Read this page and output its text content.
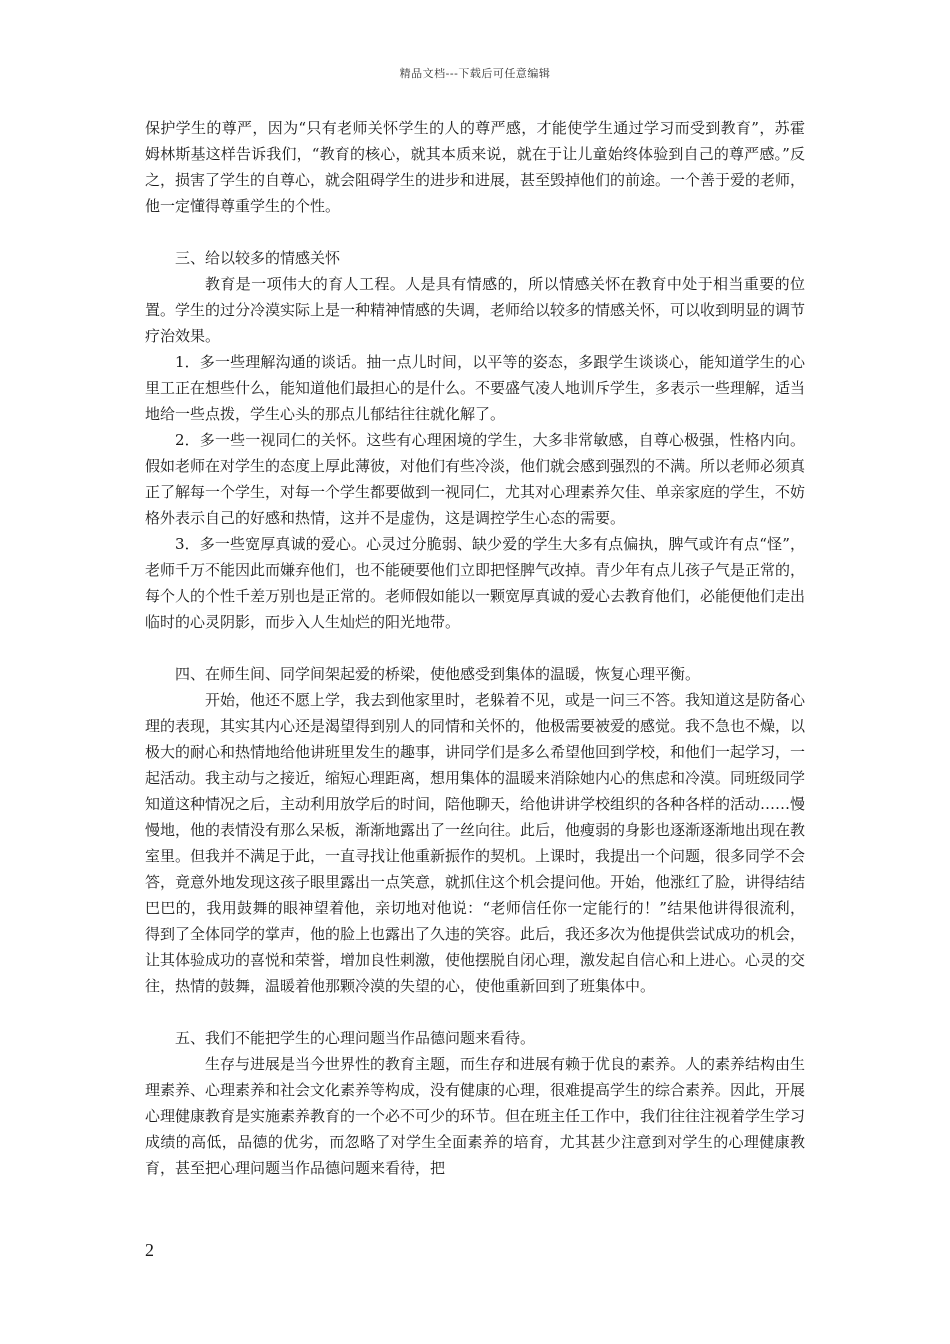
精品文档---下载后可任意编辑

保护学生的尊严，因为“只有老师关怀学生的人的尊严感，才能使学生通过学习而受到教育”，苏霍姆林斯基这样告诉我们，“教育的核心，就其本质来说，就在于让儿童始终体验到自己的尊严感。”反之，损害了学生的自尊心，就会阻碍学生的进步和进展，甚至毁掉他们的前途。一个善于爱的老师，他一定懂得尊重学生的个性。

三、给以较多的情感关怀

教育是一项伟大的育人工程。人是具有情感的，所以情感关怀在教育中处于相当重要的位置。学生的过分冷漠实际上是一种精神情感的失调，老师给以较多的情感关怀，可以收到明显的调节疗治效果。

1．多一些理解沟通的谈话。抽一点儿时间，以平等的姿态，多跟学生谈谈心，能知道学生的心里工正在想些什么，能知道他们最担心的是什么。不要盛气凌人地训斥学生，多表示一些理解，适当地给一些点拨，学生心头的那点儿郁结往往就化解了。

2．多一些一视同仁的关怀。这些有心理困境的学生，大多非常敏感，自尊心极强，性格内向。假如老师在对学生的态度上厚此薄彼，对他们有些冷淡，他们就会感到强烈的不满。所以老师必须真正了解每一个学生，对每一个学生都要做到一视同仁，尤其对心理素养欠佳、单亲家庭的学生，不妨格外表示自己的好感和热情，这并不是虚伪，这是调控学生心态的需要。

3．多一些宽厚真诚的爱心。心灵过分脆弱、缺少爱的学生大多有点偏执，脾气或许有点“怪”，老师千万不能因此而嫌弃他们，也不能硬要他们立即把怪脾气改掉。青少年有点儿孩子气是正常的，每个人的个性千差万别也是正常的。老师假如能以一颗宽厚真诚的爱心去教育他们，必能便他们走出临时的心灵阴影，而步入人生灿烂的阳光地带。

四、在师生间、同学间架起爱的桥梁，使他感受到集体的温暖，恢复心理平衡。

开始，他还不愿上学，我去到他家里时，老躲着不见，或是一问三不答。我知道这是防备心理的表现，其实其内心还是渴望得到别人的同情和关怀的，他极需要被爱的感觉。我不急也不燥，以极大的耐心和热情地给他讲班里发生的趣事，讲同学们是多么希望他回到学校，和他们一起学习，一起活动。我主动与之接近，缩短心理距离，想用集体的温暖来消除她内心的焦虑和冷漠。同班级同学知道这种情况之后，主动利用放学后的时间，陪他聊天，给他讲讲学校组织的各种各样的活动……慢慢地，他的表情没有那么呆板，渐渐地露出了一丝向往。此后，他瘦弱的身影也逐渐逐渐地出现在教室里。但我并不满足于此，一直寻找让他重新振作的契机。上课时，我提出一个问题，很多同学不会答，竟意外地发现这孩子眼里露出一点笑意，就抓住这个机会提问他。开始，他涨红了脸，讲得结结巴巴的，我用鼓舞的眼神望着他，亲切地对他说：“老师信任你一定能行的！”结果他讲得很流利，得到了全体同学的掌声，他的脸上也露出了久违的笑容。此后，我还多次为他提供尝试成功的机会，让其体验成功的喜悦和荣誉，增加良性刺激，使他摆脱自闭心理，激发起自信心和上进心。心灵的交往，热情的鼓舞，温暖着他那颗冷漠的失望的心，使他重新回到了班集体中。

五、我们不能把学生的心理问题当作品德问题来看待。

生存与进展是当今世界性的教育主题，而生存和进展有赖于优良的素养。人的素养结构由生理素养、心理素养和社会文化素养等构成，没有健康的心理，很难提高学生的综合素养。因此，开展心理健康教育是实施素养教育的一个必不可少的环节。但在班主任工作中，我们往往注视着学生学习成绩的高低，品德的优劣，而忽略了对学生全面素养的培育，尤其甚少注意到对学生的心理健康教育，甚至把心理问题当作品德问题来看待，把

2
